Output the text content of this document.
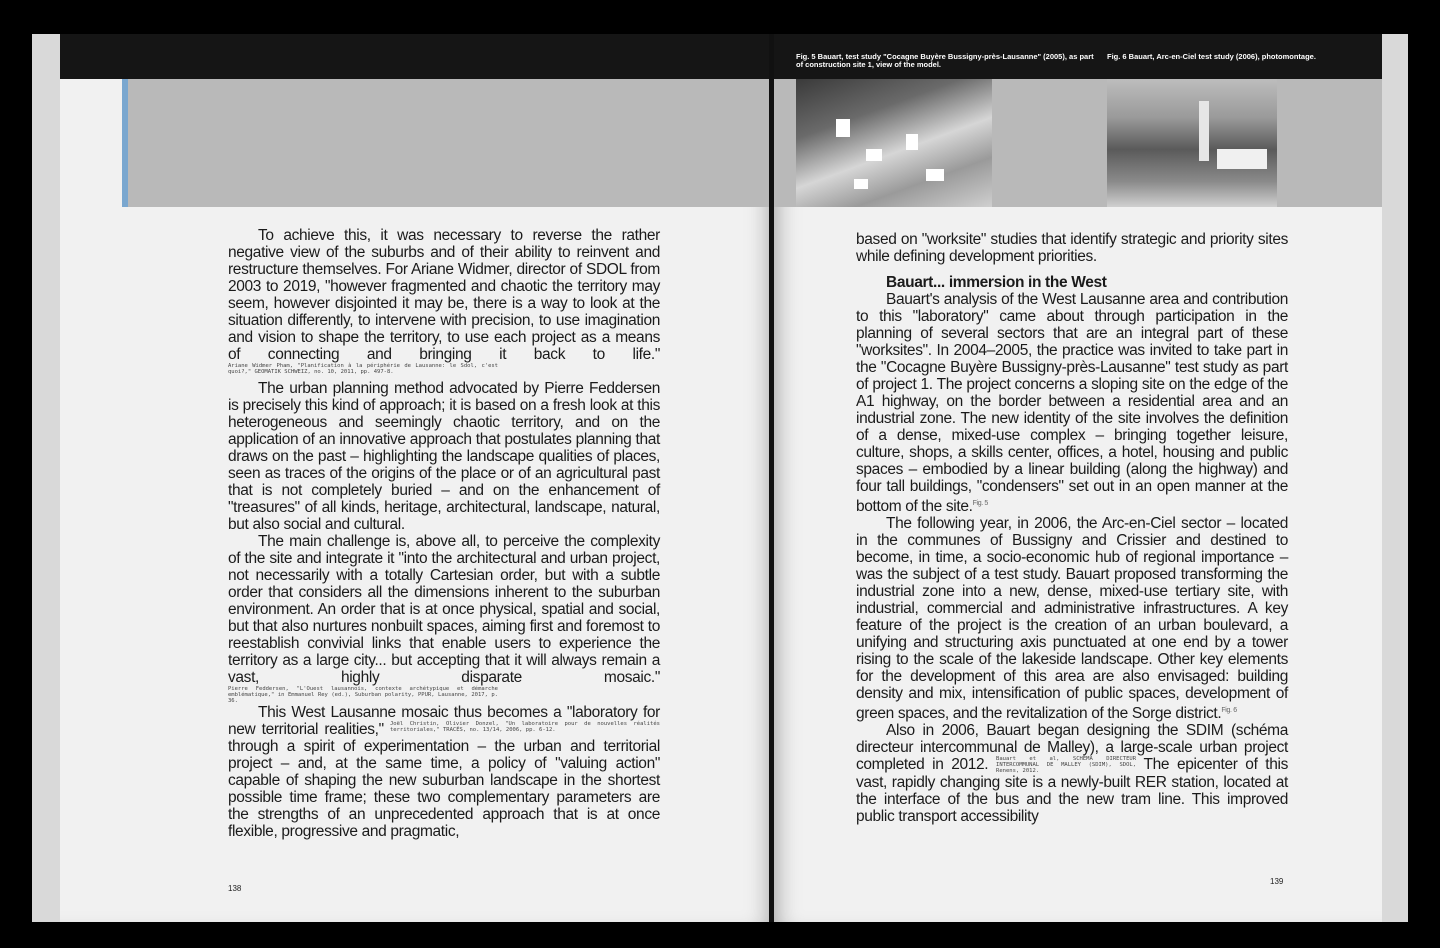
To achieve this, it was necessary to reverse the rather negative view of the suburbs and of their ability to reinvent and restructure themselves. For Ariane Widmer, director of SDOL from 2003 to 2019, "however fragmented and chaotic the territory may seem, however disjointed it may be, there is a way to look at the situation differently, to intervene with precision, to use imagination and vision to shape the territory, to use each project as a means of connecting and bringing it back to life." Ariane Widmer Pham, "Planification à la périphérie de Lausanne: le Sdol, c'est quoi?," GEOMATIK SCHWEIZ, no. 10, 2011, pp. 497-8.

The urban planning method advocated by Pierre Feddersen is precisely this kind of approach; it is based on a fresh look at this heterogeneous and seemingly chaotic territory, and on the application of an innovative approach that postulates planning that draws on the past – highlighting the landscape qualities of places, seen as traces of the origins of the place or of an agricultural past that is not completely buried – and on the enhancement of "treasures" of all kinds, heritage, architectural, landscape, natural, but also social and cultural.

The main challenge is, above all, to perceive the complexity of the site and integrate it "into the architectural and urban project, not necessarily with a totally Cartesian order, but with a subtle order that considers all the dimensions inherent to the suburban environment. An order that is at once physical, spatial and social, but that also nurtures nonbuilt spaces, aiming first and foremost to reestablish convivial links that enable users to experience the territory as a large city... but accepting that it will always remain a vast, highly disparate mosaic." Pierre Feddersen, "L'Ouest lausannois, contexte archétypique et démarche emblématique," in Emmanuel Rey (ed.), Suburban polarity, PPUR, Lausanne, 2017, p. 36.

This West Lausanne mosaic thus becomes a "laboratory for new territorial realities," Joël Christin, Olivier Donzel, "Un laboratoire pour de nouvelles réalités territoriales," TRACÉS, no. 13/14, 2006, pp. 6-12. through a spirit of experimentation – the urban and territorial project – and, at the same time, a policy of "valuing action" capable of shaping the new suburban landscape in the shortest possible time frame; these two complementary parameters are the strengths of an unprecedented approach that is at once flexible, progressive and pragmatic,

138
Fig. 5 Bauart, test study "Cocagne Buyère Bussigny-près-Lausanne" (2005), as part of construction site 1, view of the model.
Fig. 6 Bauart, Arc-en-Ciel test study (2006), photomontage.

based on "worksite" studies that identify strategic and priority sites while defining development priorities.

Bauart... immersion in the West

Bauart's analysis of the West Lausanne area and contribution to this "laboratory" came about through participation in the planning of several sectors that are an integral part of these "worksites". In 2004–2005, the practice was invited to take part in the "Cocagne Buyère Bussigny-près-Lausanne" test study as part of project 1. The project concerns a sloping site on the edge of the A1 highway, on the border between a residential area and an industrial zone. The new identity of the site involves the definition of a dense, mixed-use complex – bringing together leisure, culture, shops, a skills center, offices, a hotel, housing and public spaces – embodied by a linear building (along the highway) and four tall buildings, "condensers" set out in an open manner at the bottom of the site.$^{Fig. 5}$

The following year, in 2006, the Arc-en-Ciel sector – located in the communes of Bussigny and Crissier and destined to become, in time, a socio-economic hub of regional importance – was the subject of a test study. Bauart proposed transforming the industrial zone into a new, dense, mixed-use tertiary site, with industrial, commercial and administrative infrastructures. A key feature of the project is the creation of an urban boulevard, a unifying and structuring axis punctuated at one end by a tower rising to the scale of the lakeside landscape. Other key elements for the development of this area are also envisaged: building density and mix, intensification of public spaces, development of green spaces, and the revitalization of the Sorge district.$^{Fig. 6}$

Also in 2006, Bauart began designing the SDIM (schéma directeur intercommunal de Malley), a large-scale urban project completed in 2012. Bauart et al, SCHÉMA DIRECTEUR INTERCOMMUNAL DE MALLEY (SDIM), SDOL, Renens, 2012.	The epicenter of this vast, rapidly changing site is a newly-built RER station, located at the interface of the bus and the new tram line. This improved public transport accessibility

139
